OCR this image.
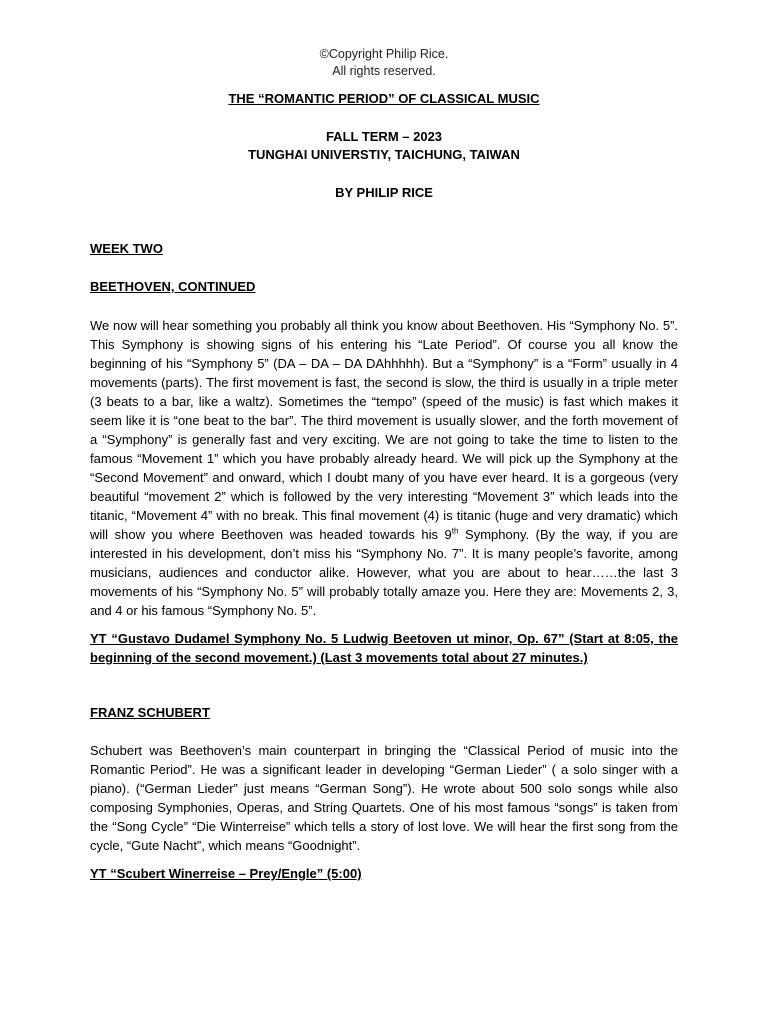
©Copyright Philip Rice.
All rights reserved.
THE “ROMANTIC PERIOD” OF CLASSICAL MUSIC
FALL TERM – 2023
TUNGHAI UNIVERSTIY, TAICHUNG, TAIWAN
BY PHILIP RICE
WEEK TWO
BEETHOVEN, CONTINUED

We now will hear something you probably all think you know about Beethoven. His “Symphony No. 5”. This Symphony is showing signs of his entering his “Late Period”. Of course you all know the beginning of his “Symphony 5” (DA – DA – DA DAhhhhh). But a “Symphony” is a “Form” usually in 4 movements (parts). The first movement is fast, the second is slow, the third is usually in a triple meter (3 beats to a bar, like a waltz). Sometimes the “tempo” (speed of the music) is fast which makes it seem like it is “one beat to the bar”. The third movement is usually slower, and the forth movement of a “Symphony” is generally fast and very exciting. We are not going to take the time to listen to the famous “Movement 1” which you have probably already heard. We will pick up the Symphony at the “Second Movement” and onward, which I doubt many of you have ever heard. It is a gorgeous (very beautiful “movement 2” which is followed by the very interesting “Movement 3” which leads into the titanic, “Movement 4” with no break. This final movement (4) is titanic (huge and very dramatic) which will show you where Beethoven was headed towards his 9th Symphony. (By the way, if you are interested in his development, don’t miss his “Symphony No. 7”. It is many people’s favorite, among musicians, audiences and conductor alike. However, what you are about to hear……the last 3 movements of his “Symphony No. 5” will probably totally amaze you. Here they are: Movements 2, 3, and 4 or his famous “Symphony No. 5”.

YT “Gustavo Dudamel Symphony No. 5 Ludwig Beetoven ut minor, Op. 67” (Start at 8:05, the beginning of the second movement.) (Last 3 movements total about 27 minutes.)

FRANZ SCHUBERT

Schubert was Beethoven’s main counterpart in bringing the “Classical Period of music into the Romantic Period”. He was a significant leader in developing “German Lieder” ( a solo singer with a piano). (“German Lieder” just means “German Song”). He wrote about 500 solo songs while also composing Symphonies, Operas, and String Quartets. One of his most famous “songs” is taken from the “Song Cycle” “Die Winterreise” which tells a story of lost love. We will hear the first song from the cycle, “Gute Nacht”, which means “Goodnight”.

YT “Scubert Winerreise – Prey/Engle” (5:00)
